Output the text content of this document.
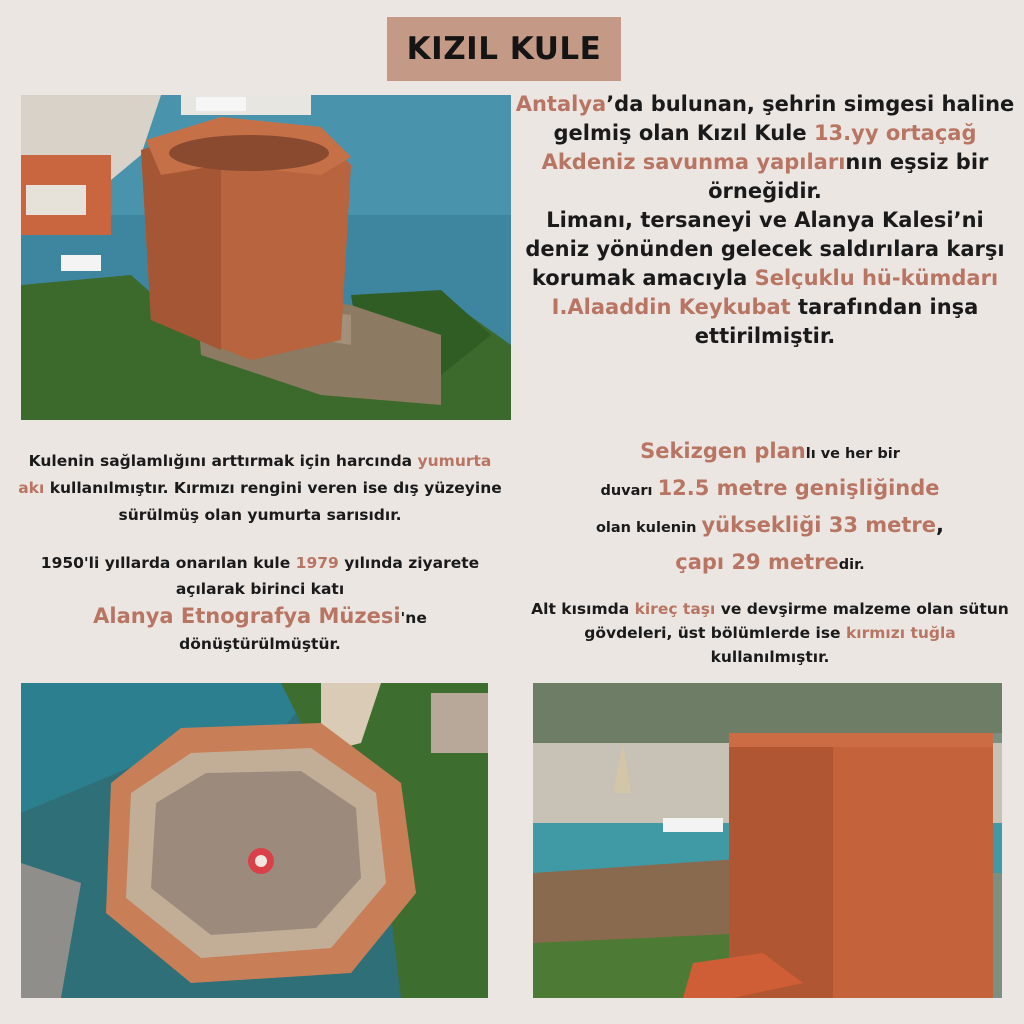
KIZIL KULE
Antalya’da bulunan, şehrin simgesi haline gelmiş olan Kızıl Kule 13.yy ortaçağ Akdeniz savunma yapılarının eşsiz bir örneğidir.
Limanı, tersaneyi ve Alanya Kalesi’ni deniz yönünden gelecek saldırılara karşı korumak amacıyla Selçuklu hü-kümdarı I.Alaaddin Keykubat tarafından inşa ettirilmiştir.
Kulenin sağlamlığını arttırmak için harcında yumurta akı kullanılmıştır. Kırmızı rengini veren ise dış yüzeyine sürülmüş olan yumurta sarısıdır.
1950'li yıllarda onarılan kule 1979 yılında ziyarete açılarak birinci katı
Alanya Etnografya Müzesi'ne
dönüştürülmüştür.
Sekizgen planlı ve her bir
duvarı 12.5 metre genişliğinde
olan kulenin yüksekliği 33 metre,
çapı 29 metredir.
Alt kısımda kireç taşı ve devşirme malzeme olan sütun gövdeleri, üst bölümlerde ise kırmızı tuğla kullanılmıştır.
